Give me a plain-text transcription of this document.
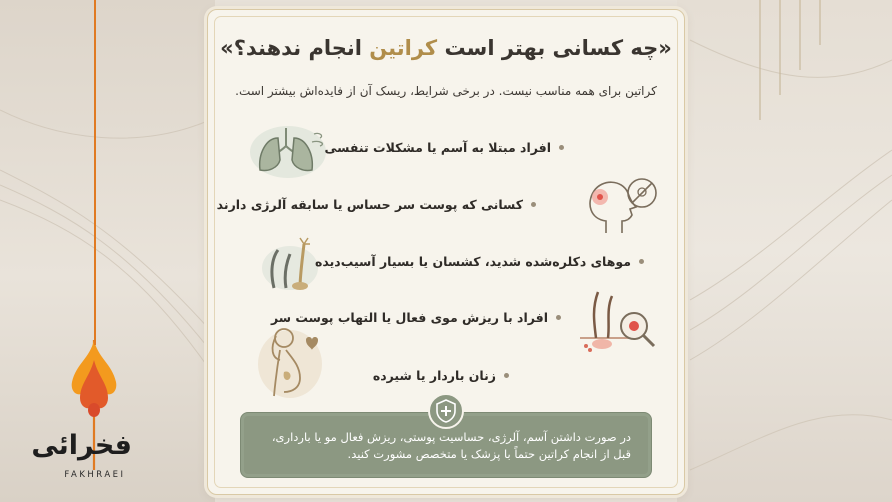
«چه کسانی بهتر است کراتین انجام ندهند؟»
کراتین برای همه مناسب نیست. در برخی شرایط، ریسک آن از فایده‌اش بیشتر است.
افراد مبتلا به آسم یا مشکلات تنفسی
کسانی که پوست سر حساس یا سابقه آلرژی دارند
موهای دکلره‌شده شدید، کشسان یا بسیار آسیب‌دیده
افراد با ریزش موی فعال یا التهاب پوست سر
زنان باردار یا شیرده
در صورت داشتن آسم، آلرژی، حساسیت پوستی، ریزش فعال مو یا بارداری، قبل از انجام کراتین حتماً با پزشک یا متخصص مشورت کنید.
فخرائی
FAKHRAEI
